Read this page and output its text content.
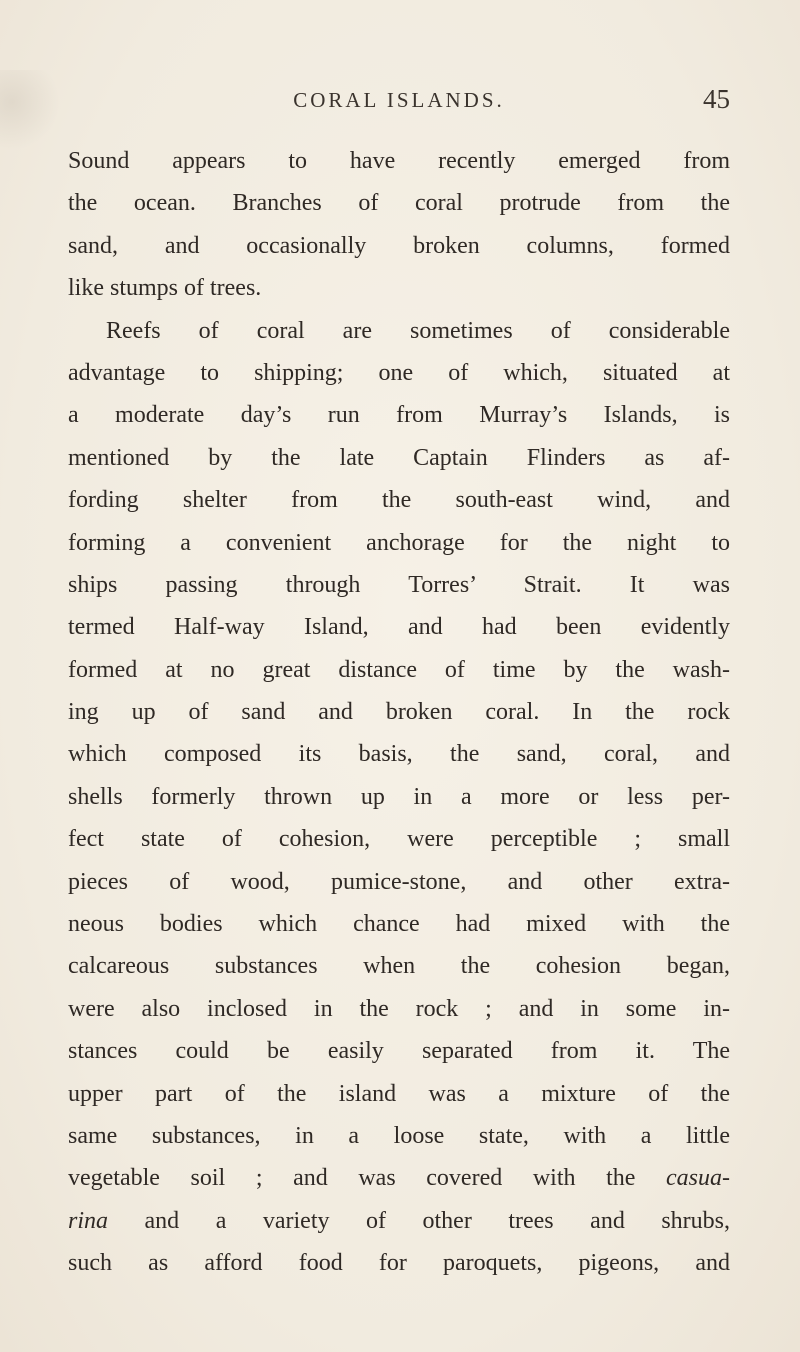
CORAL ISLANDS.	45
Sound appears to have recently emerged from
the ocean. Branches of coral protrude from the
sand, and occasionally broken columns, formed
like stumps of trees.
Reefs of coral are sometimes of considerable
advantage to shipping; one of which, situated at
a moderate day’s run from Murray’s Islands, is
mentioned by the late Captain Flinders as af-
fording shelter from the south-east wind, and
forming a convenient anchorage for the night to
ships passing through Torres’ Strait. It was
termed Half-way Island, and had been evidently
formed at no great distance of time by the wash-
ing up of sand and broken coral. In the rock
which composed its basis, the sand, coral, and
shells formerly thrown up in a more or less per-
fect state of cohesion, were perceptible ; small
pieces of wood, pumice-stone, and other extra-
neous bodies which chance had mixed with the
calcareous substances when the cohesion began,
were also inclosed in the rock ; and in some in-
stances could be easily separated from it. The
upper part of the island was a mixture of the
same substances, in a loose state, with a little
vegetable soil ; and was covered with the casua-
rina and a variety of other trees and shrubs,
such as afford food for paroquets, pigeons, and
